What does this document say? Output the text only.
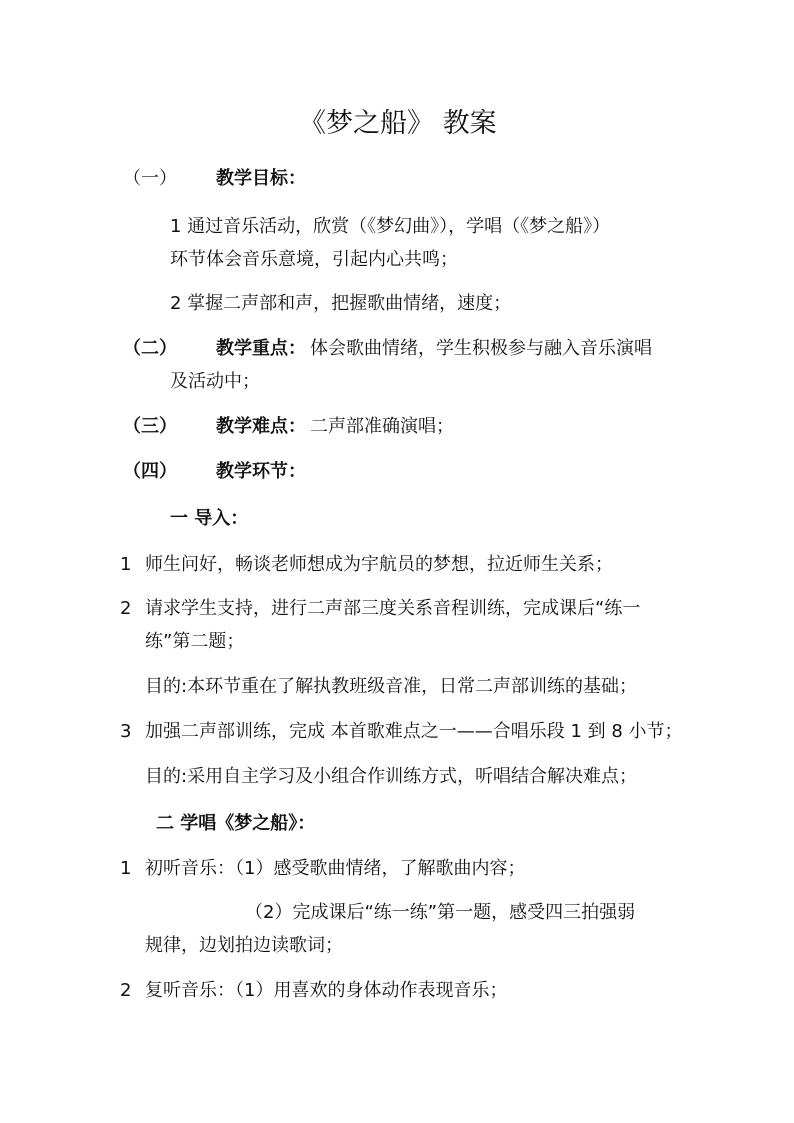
《梦之船》 教案
（一） 教学目标：
1 通过音乐活动，欣赏（《梦幻曲》），学唱（《梦之船》）
环节体会音乐意境，引起内心共鸣；
2 掌握二声部和声，把握歌曲情绪，速度；
（二） 教学重点： 体会歌曲情绪，学生积极参与融入音乐演唱
及活动中；
（三） 教学难点： 二声部准确演唱；
（四） 教学环节：
一 导入：
1 师生问好，畅谈老师想成为宇航员的梦想，拉近师生关系；
2 请求学生支持，进行二声部三度关系音程训练，完成课后“练一
练”第二题；
目的:本环节重在了解执教班级音准，日常二声部训练的基础；
3 加强二声部训练，完成 本首歌难点之一——合唱乐段 1 到 8 小节；
目的:采用自主学习及小组合作训练方式，听唱结合解决难点；
二 学唱《梦之船》：
1 初听音乐：（1）感受歌曲情绪，了解歌曲内容；
（2）完成课后“练一练”第一题，感受四三拍强弱
规律，边划拍边读歌词；
2 复听音乐：（1）用喜欢的身体动作表现音乐；
